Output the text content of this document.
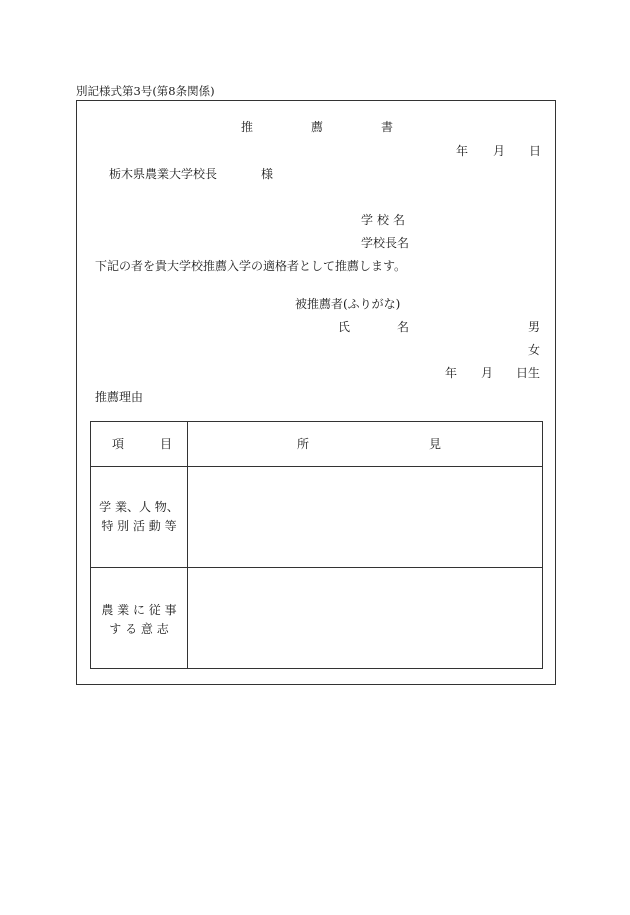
別記様式第3号(第8条関係)
推	薦	書
年 月 日
栃木県農業大学校長	様
学校名
学校長名
下記の者を貴大学校推薦入学の適格者として推薦します。
被推薦者(ふりがな)
氏	名	男
女
年 月 日生
推薦理由
項 目	所 見

学 業、人 物、
特 別 活 動 等	

農 業 に 従 事
す る 意 志	
